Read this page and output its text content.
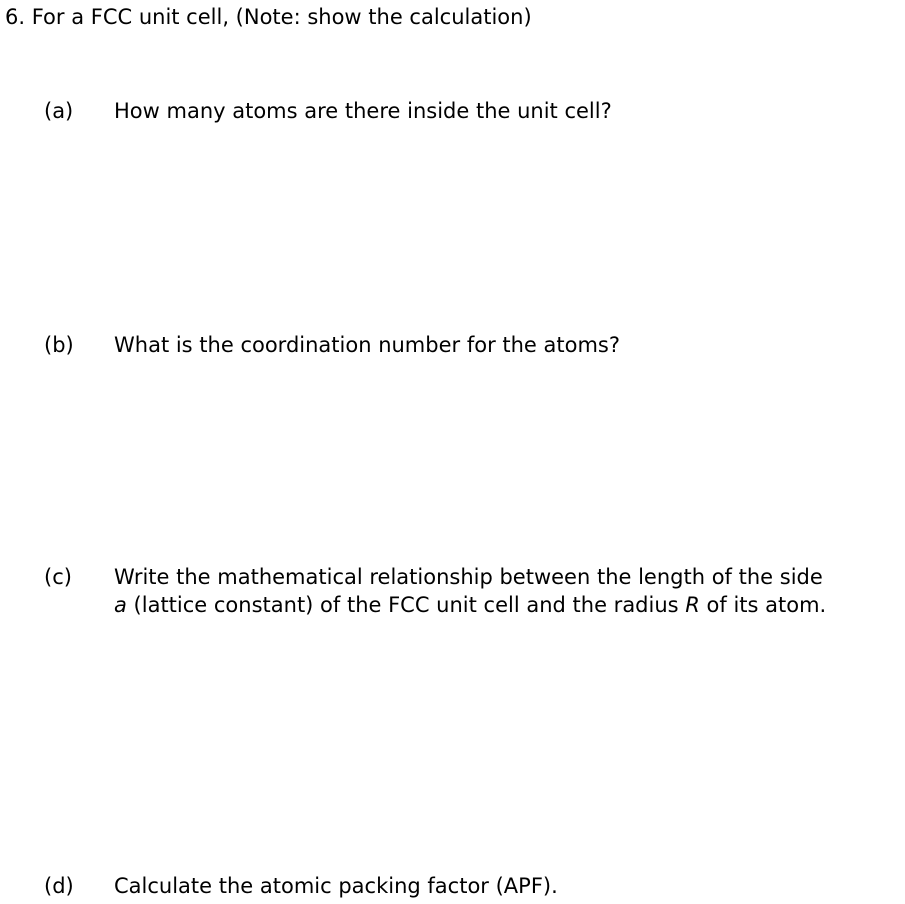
6. For a FCC unit cell, (Note: show the calculation)
(a) How many atoms are there inside the unit cell?
(b) What is the coordination number for the atoms?
(c) Write the mathematical relationship between the length of the side
a (lattice constant) of the FCC unit cell and the radius R of its atom.
(d) Calculate the atomic packing factor (APF).
